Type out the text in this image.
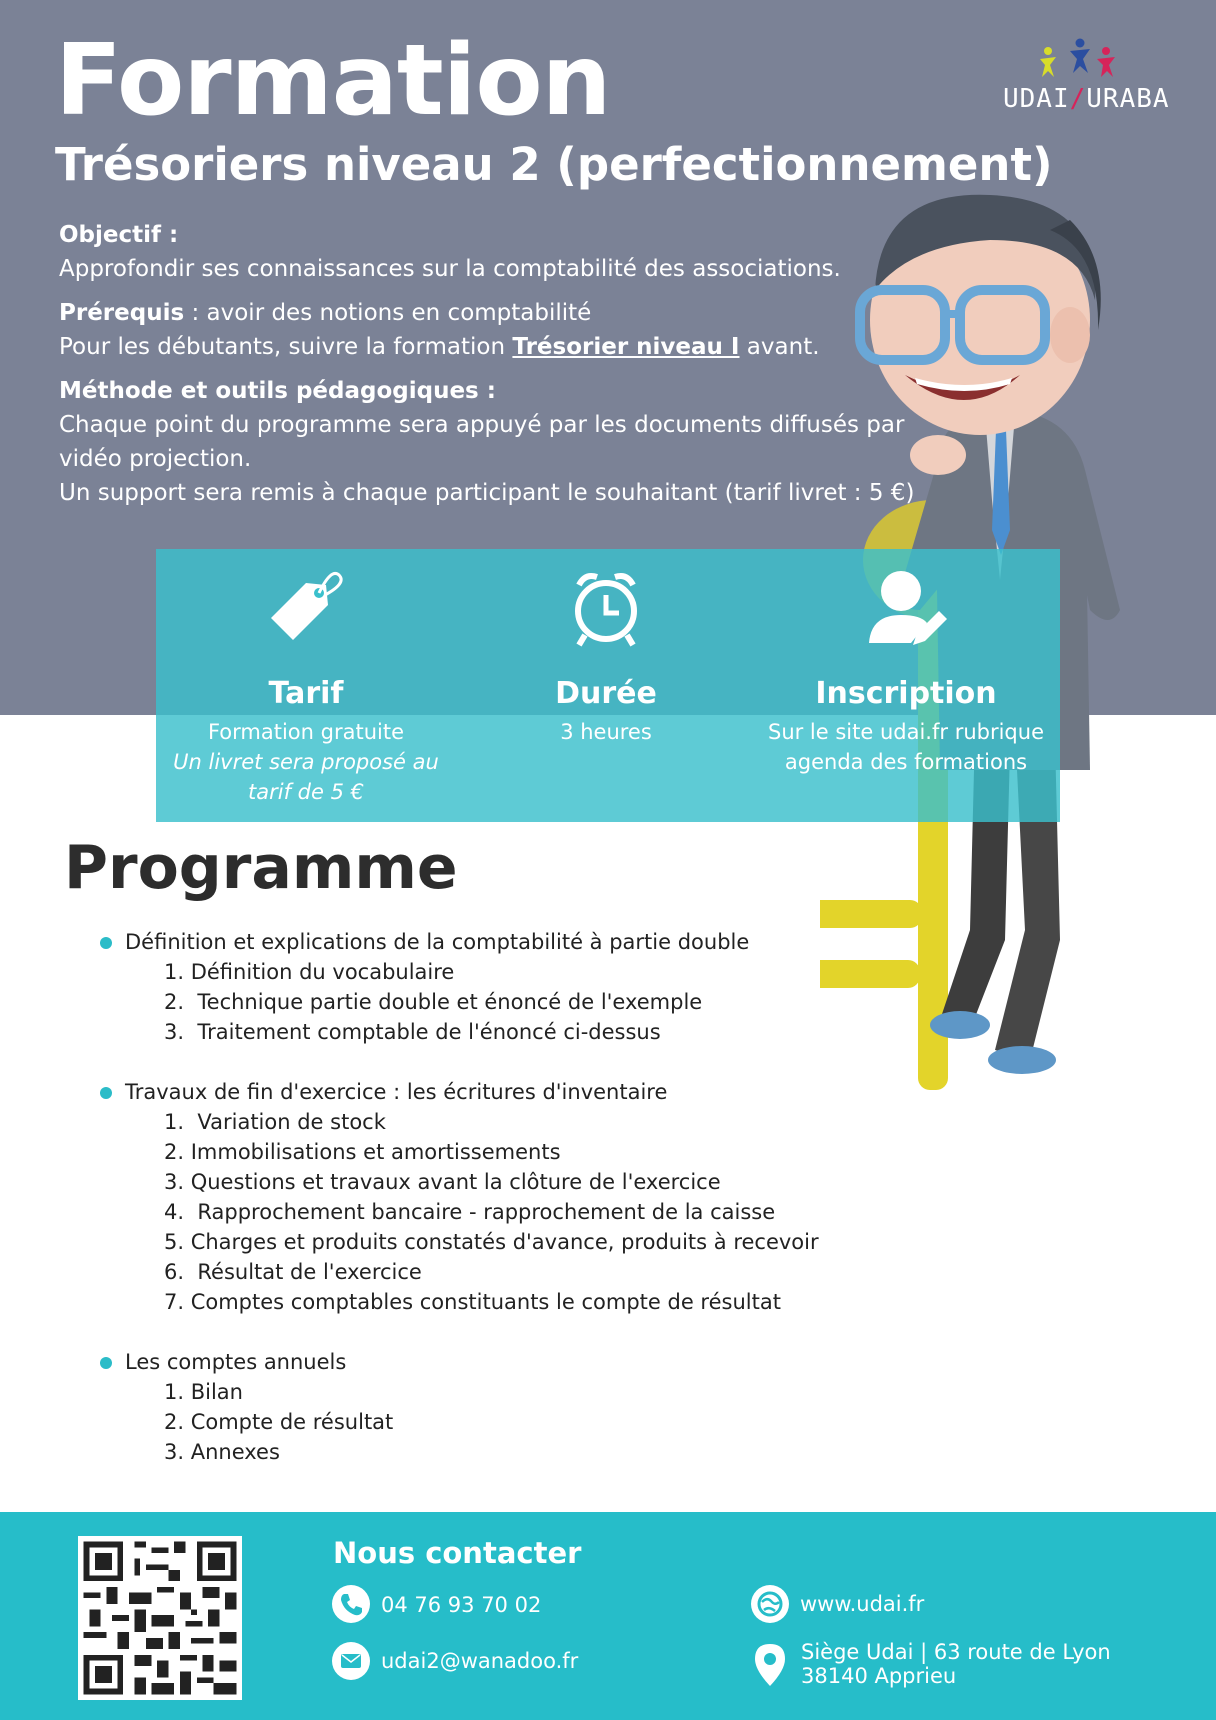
Formation
Trésoriers niveau 2 (perfectionnement)
UDAI/URABA

Objectif :

Approfondir ses connaissances sur la comptabilité des associations.

Prérequis : avoir des notions en comptabilité

Pour les débutants, suivre la formation Trésorier niveau I avant.

Méthode et outils pédagogiques :

Chaque point du programme sera appuyé par les documents diffusés par

vidéo projection.

Un support sera remis à chaque participant le souhaitant (tarif livret : 5 €)

Tarif
Formation gratuite
Un livret sera proposé au
tarif de 5 €
Durée
3 heures
Inscription
Sur le site udai.fr rubrique
agenda des formations
Programme
Définition et explications de la comptabilité à partie double
1. Définition du vocabulaire
2.  Technique partie double et énoncé de l'exemple
3.  Traitement comptable de l'énoncé ci-dessus
Travaux de fin d'exercice : les écritures d'inventaire
1.  Variation de stock
2. Immobilisations et amortissements
3. Questions et travaux avant la clôture de l'exercice
4.  Rapprochement bancaire - rapprochement de la caisse
5. Charges et produits constatés d'avance, produits à recevoir
6.  Résultat de l'exercice
7. Comptes comptables constituants le compte de résultat
Les comptes annuels
1. Bilan
2. Compte de résultat
3. Annexes
Nous contacter
04 76 93 70 02
udai2@wanadoo.fr
www.udai.fr
Siège Udai | 63 route de Lyon
38140 Apprieu
